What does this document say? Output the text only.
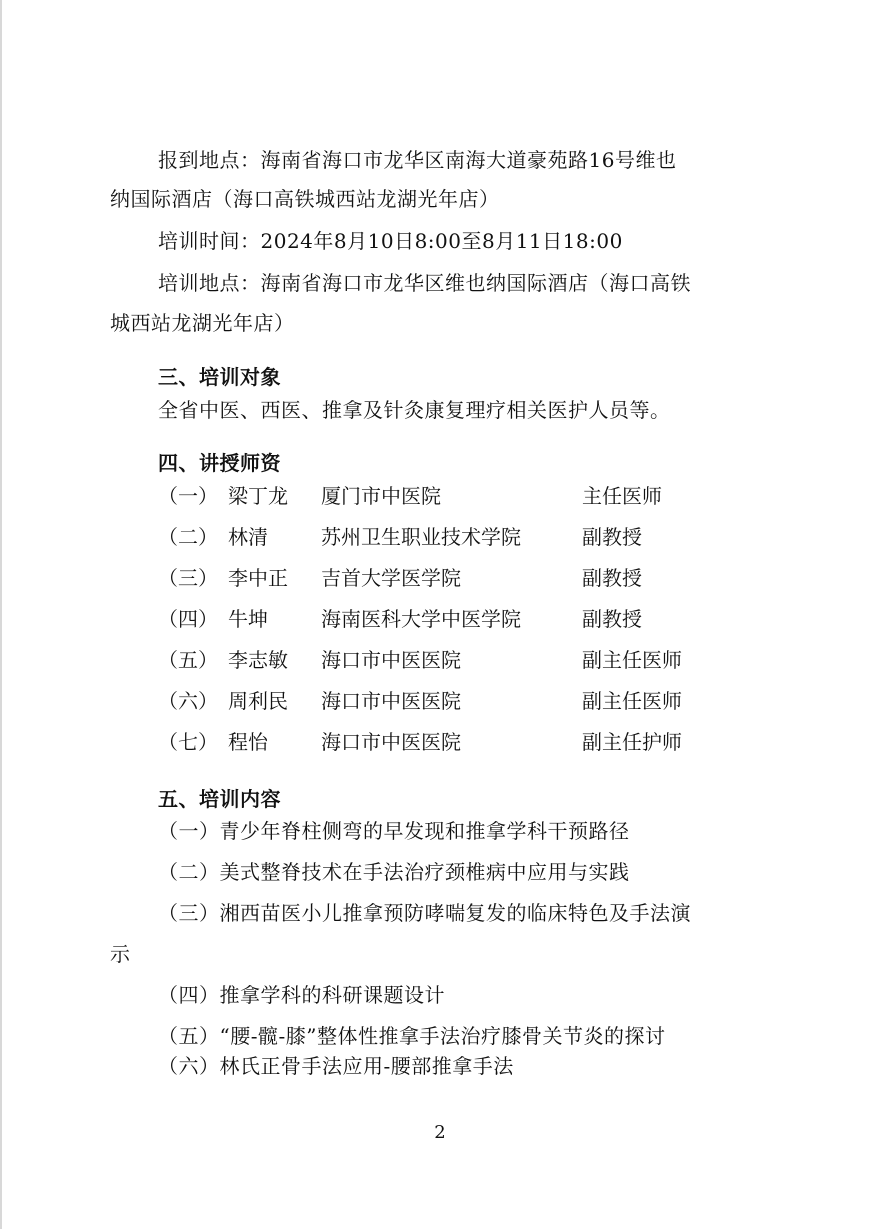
报到地点：海南省海口市龙华区南海大道豪苑路16号维也
纳国际酒店（海口高铁城西站龙湖光年店）
培训时间：2024年8月10日8:00至8月11日18:00
培训地点：海南省海口市龙华区维也纳国际酒店（海口高铁
城西站龙湖光年店）
三、培训对象
全省中医、西医、推拿及针灸康复理疗相关医护人员等。
四、讲授师资
（一） 梁丁龙 厦门市中医院	主任医师
（二） 林清	苏州卫生职业技术学院	副教授
（三） 李中正 吉首大学医学院	副教授
（四） 牛坤	海南医科大学中医学院	副教授
（五） 李志敏 海口市中医医院	副主任医师
（六） 周利民 海口市中医医院	副主任医师
（七） 程怡	海口市中医医院	副主任护师
五、培训内容
（一）青少年脊柱侧弯的早发现和推拿学科干预路径
（二）美式整脊技术在手法治疗颈椎病中应用与实践
（三）湘西苗医小儿推拿预防哮喘复发的临床特色及手法演
示
（四）推拿学科的科研课题设计
（五）“腰-髋-膝”整体性推拿手法治疗膝骨关节炎的探讨
（六）林氏正骨手法应用-腰部推拿手法
2
